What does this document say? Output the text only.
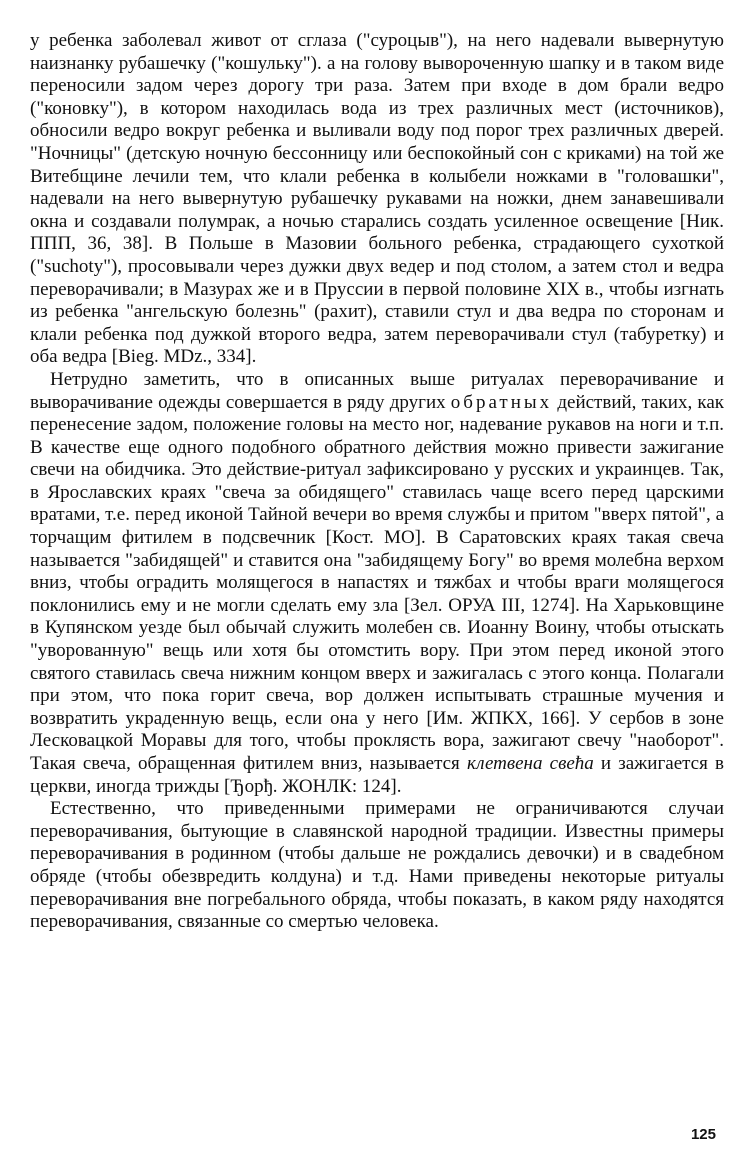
у ребенка заболевал живот от сглаза ("суроцыв"), на него надевали вывернутую наизнанку рубашечку ("кошульку"). а на голову вывороченную шапку и в таком виде переносили задом через дорогу три раза. Затем при входе в дом брали ведро ("коновку"), в котором находилась вода из трех различных мест (источников), обносили ведро вокруг ребенка и выливали воду под порог трех различных дверей. "Ночницы" (детскую ночную бессонницу или беспокойный сон с криками) на той же Витебщине лечили тем, что клали ребенка в колыбели ножками в "головашки", надевали на него вывернутую рубашечку рукавами на ножки, днем занавешивали окна и создавали полумрак, а ночью старались создать усиленное освещение [Ник. ППП, 36, 38]. В Польше в Мазовии больного ребенка, страдающего сухоткой ("suchoty"), просовывали через дужки двух ведер и под столом, а затем стол и ведра переворачивали; в Мазурах же и в Пруссии в первой половине XIX в., чтобы изгнать из ребенка "ангельскую болезнь" (рахит), ставили стул и два ведра по сторонам и клали ребенка под дужкой второго ведра, затем переворачивали стул (табуретку) и оба ведра [Bieg. MDz., 334].

Нетрудно заметить, что в описанных выше ритуалах переворачивание и выворачивание одежды совершается в ряду других обратных действий, таких, как перенесение задом, положение головы на место ног, надевание рукавов на ноги и т.п. В качестве еще одного подобного обратного действия можно привести зажигание свечи на обидчика. Это действие-ритуал зафиксировано у русских и украинцев. Так, в Ярославских краях "свеча за обидящего" ставилась чаще всего перед царскими вратами, т.е. перед иконой Тайной вечери во время службы и притом "вверх пятой", а торчащим фитилем в подсвечник [Кост. МО]. В Саратовских краях такая свеча называется "забидящей" и ставится она "забидящему Богу" во время молебна верхом вниз, чтобы оградить молящегося в напастях и тяжбах и чтобы враги молящегося поклонились ему и не могли сделать ему зла [Зел. ОРУА III, 1274]. На Харьковщине в Купянском уезде был обычай служить молебен св. Иоанну Воину, чтобы отыскать "уворованную" вещь или хотя бы отомстить вору. При этом перед иконой этого святого ставилась свеча нижним концом вверх и зажигалась с этого конца. Полагали при этом, что пока горит свеча, вор должен испытывать страшные мучения и возвратить украденную вещь, если она у него [Им. ЖПКХ, 166]. У сербов в зоне Лесковацкой Моравы для того, чтобы проклясть вора, зажигают свечу "наоборот". Такая свеча, обращенная фитилем вниз, называется клетвена свећа и зажигается в церкви, иногда трижды [Ђорђ. ЖОНЛК: 124].

Естественно, что приведенными примерами не ограничиваются случаи переворачивания, бытующие в славянской народной традиции. Известны примеры переворачивания в родинном (чтобы дальше не рождались девочки) и в свадебном обряде (чтобы обезвредить колдуна) и т.д. Нами приведены некоторые ритуалы переворачивания вне погребального обряда, чтобы показать, в каком ряду находятся переворачивания, связанные со смертью человека.

125
